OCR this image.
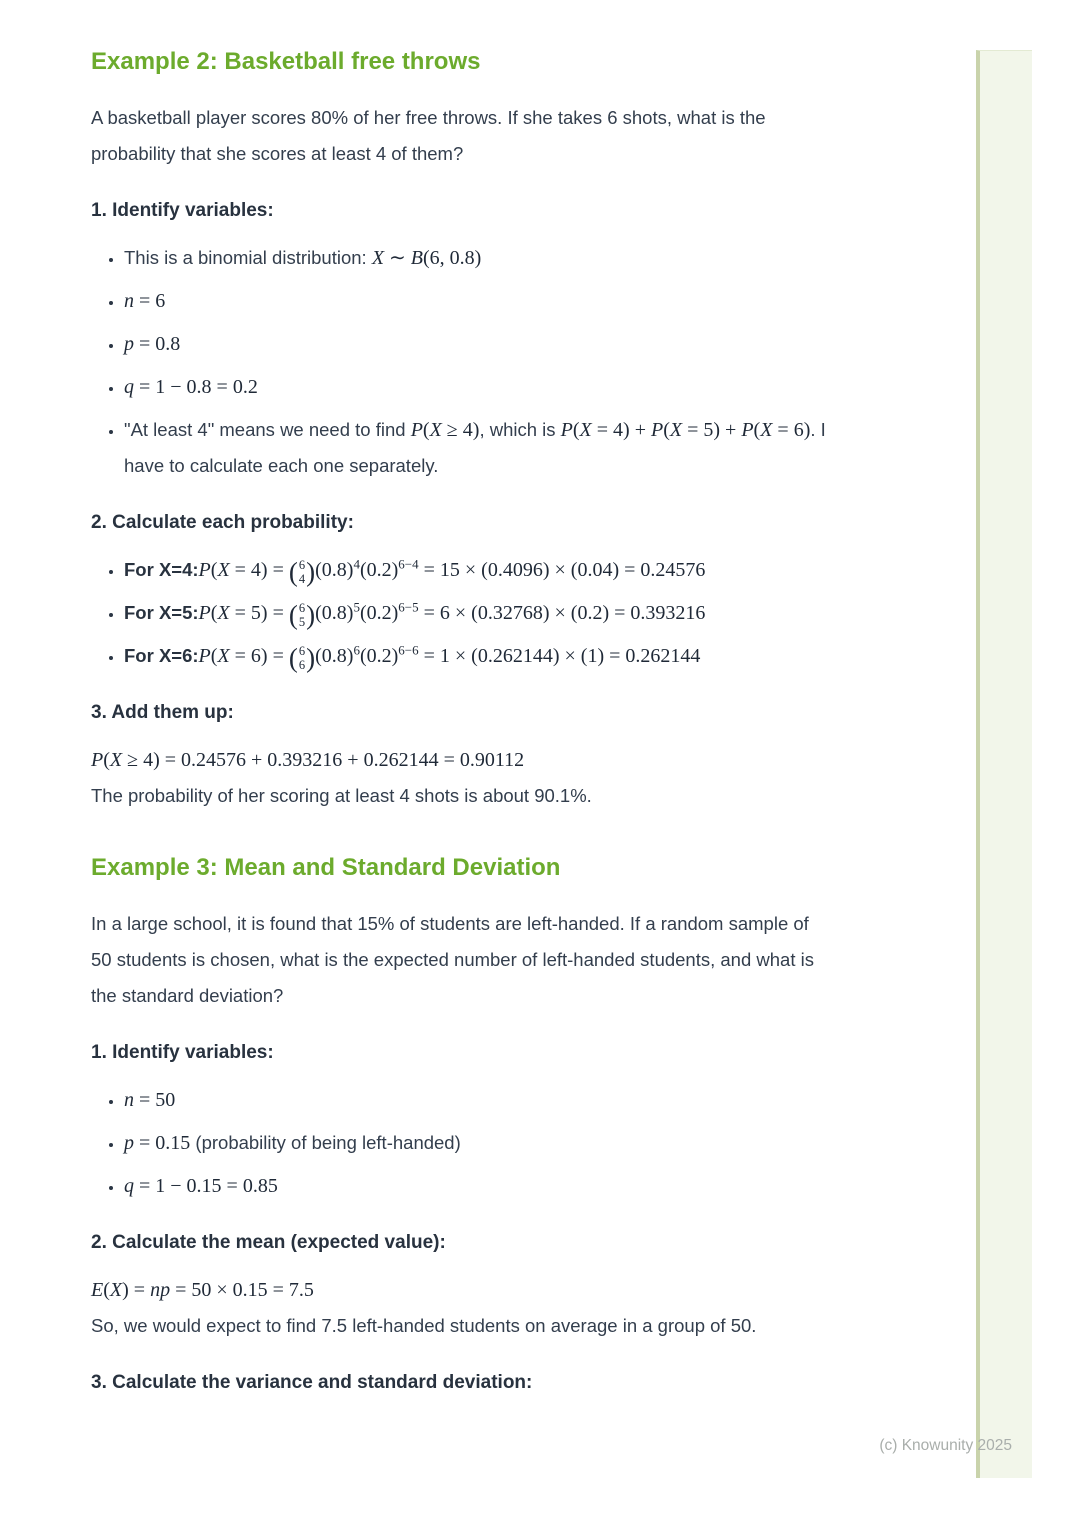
Example 2: Basketball free throws

A basketball player scores 80% of her free throws. If she takes 6 shots, what is the probability that she scores at least 4 of them?

1. Identify variables:
• This is a binomial distribution: X ∼ B(6, 0.8)
• n = 6
• p = 0.8
• q = 1 − 0.8 = 0.2
• "At least 4" means we need to find P(X ≥ 4), which is P(X = 4) + P(X = 5) + P(X = 6). I have to calculate each one separately.
2. Calculate each probability:
• For X=4:P(X = 4) = ( 6
4 ) $(0.8)^4(0.2)^{6-4} = 15 \times (0.4096) \times (0.04) = 0.24576$
• For X=5:P(X = 5) = ( 6
5 ) $(0.8)^5(0.2)^{6-5} = 6 \times (0.32768) \times (0.2) = 0.393216$
• For X=6:P(X = 6) = ( 6
6 ) $(0.8)^6(0.2)^{6-6} = 1 \times (0.262144) \times (1) = 0.262144$
3. Add them up:

P(X ≥ 4) = 0.24576 + 0.393216 + 0.262144 = 0.90112
The probability of her scoring at least 4 shots is about 90.1%.

Example 3: Mean and Standard Deviation

In a large school, it is found that 15% of students are left-handed. If a random sample of 50 students is chosen, what is the expected number of left-handed students, and what is the standard deviation?

1. Identify variables:
• n = 50
• p = 0.15 (probability of being left-handed)
• q = 1 − 0.15 = 0.85
2. Calculate the mean (expected value):

E(X) = np = 50 × 0.15 = 7.5
So, we would expect to find 7.5 left-handed students on average in a group of 50.

3. Calculate the variance and standard deviation:
(c) Knowunity 2025
